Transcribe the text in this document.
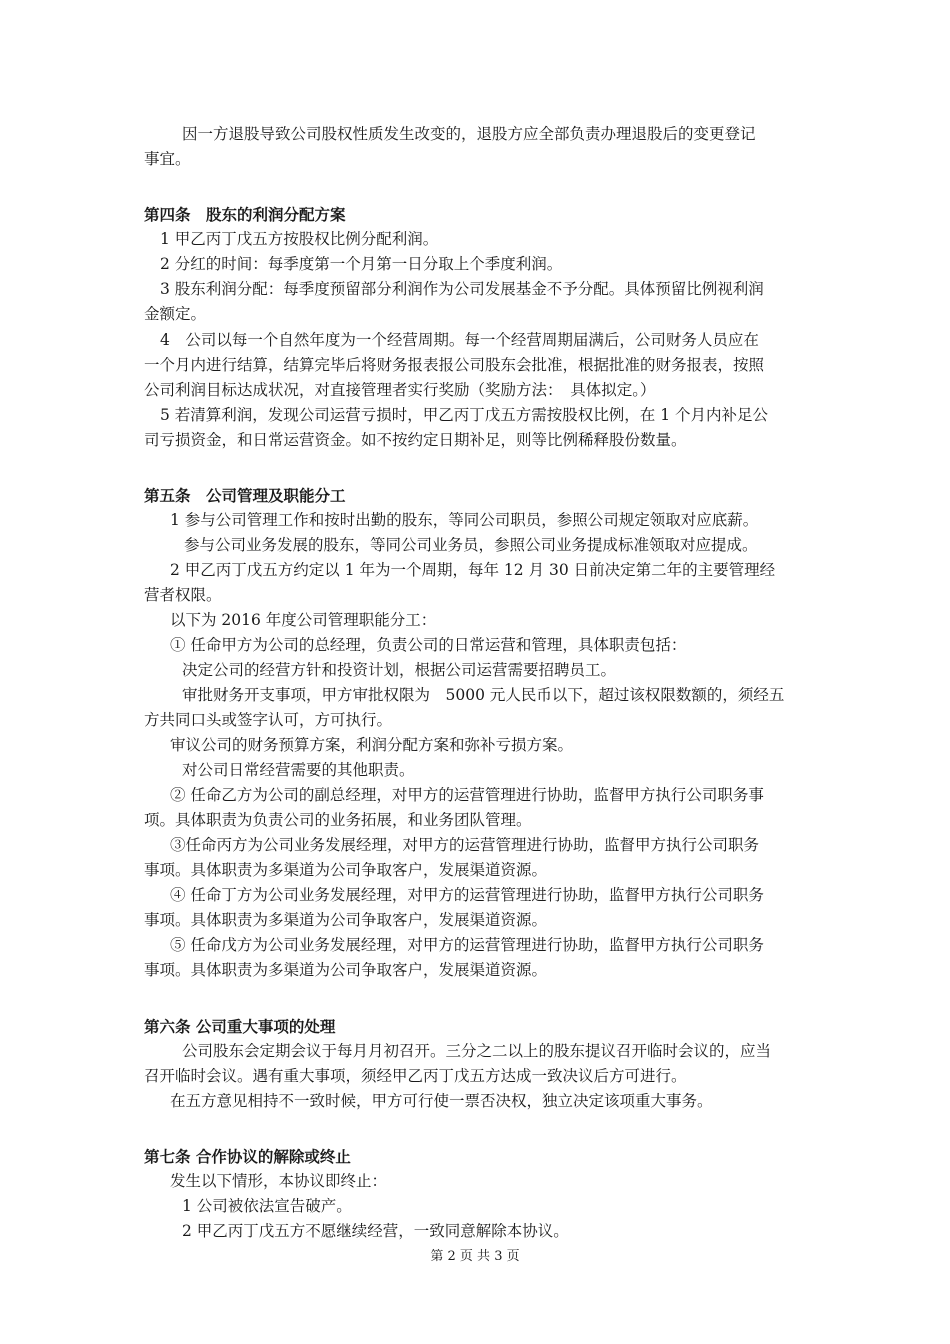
因一方退股导致公司股权性质发生改变的，退股方应全部负责办理退股后的变更登记
事宜。
第四条　股东的利润分配方案
1 甲乙丙丁戊五方按股权比例分配利润。
2 分红的时间：每季度第一个月第一日分取上个季度利润。
3 股东利润分配：每季度预留部分利润作为公司发展基金不予分配。具体预留比例视利润
金额定。
4　公司以每一个自然年度为一个经营周期。每一个经营周期届满后，公司财务人员应在
一个月内进行结算，结算完毕后将财务报表报公司股东会批准，根据批准的财务报表，按照
公司利润目标达成状况，对直接管理者实行奖励（奖励方法：　具体拟定。）
5 若清算利润，发现公司运营亏损时，甲乙丙丁戊五方需按股权比例，在 1 个月内补足公
司亏损资金，和日常运营资金。如不按约定日期补足，则等比例稀释股份数量。
第五条　公司管理及职能分工
1 参与公司管理工作和按时出勤的股东，等同公司职员，参照公司规定领取对应底薪。
参与公司业务发展的股东，等同公司业务员，参照公司业务提成标准领取对应提成。
2 甲乙丙丁戊五方约定以 1 年为一个周期，每年 12 月 30 日前决定第二年的主要管理经
营者权限。
以下为 2016 年度公司管理职能分工：
① 任命甲方为公司的总经理，负责公司的日常运营和管理，具体职责包括：
决定公司的经营方针和投资计划，根据公司运营需要招聘员工。
审批财务开支事项，甲方审批权限为　5000 元人民币以下，超过该权限数额的，须经五
方共同口头或签字认可，方可执行。
审议公司的财务预算方案，利润分配方案和弥补亏损方案。
对公司日常经营需要的其他职责。
② 任命乙方为公司的副总经理，对甲方的运营管理进行协助，监督甲方执行公司职务事
项。具体职责为负责公司的业务拓展，和业务团队管理。
③任命丙方为公司业务发展经理，对甲方的运营管理进行协助，监督甲方执行公司职务
事项。具体职责为多渠道为公司争取客户，发展渠道资源。
④ 任命丁方为公司业务发展经理，对甲方的运营管理进行协助，监督甲方执行公司职务
事项。具体职责为多渠道为公司争取客户，发展渠道资源。
⑤ 任命戊方为公司业务发展经理，对甲方的运营管理进行协助，监督甲方执行公司职务
事项。具体职责为多渠道为公司争取客户，发展渠道资源。
第六条 公司重大事项的处理
公司股东会定期会议于每月月初召开。三分之二以上的股东提议召开临时会议的，应当
召开临时会议。遇有重大事项，须经甲乙丙丁戊五方达成一致决议后方可进行。
在五方意见相持不一致时候，甲方可行使一票否决权，独立决定该项重大事务。
第七条 合作协议的解除或终止
发生以下情形，本协议即终止：
1 公司被依法宣告破产。
2 甲乙丙丁戊五方不愿继续经营，一致同意解除本协议。
第 2 页 共 3 页
